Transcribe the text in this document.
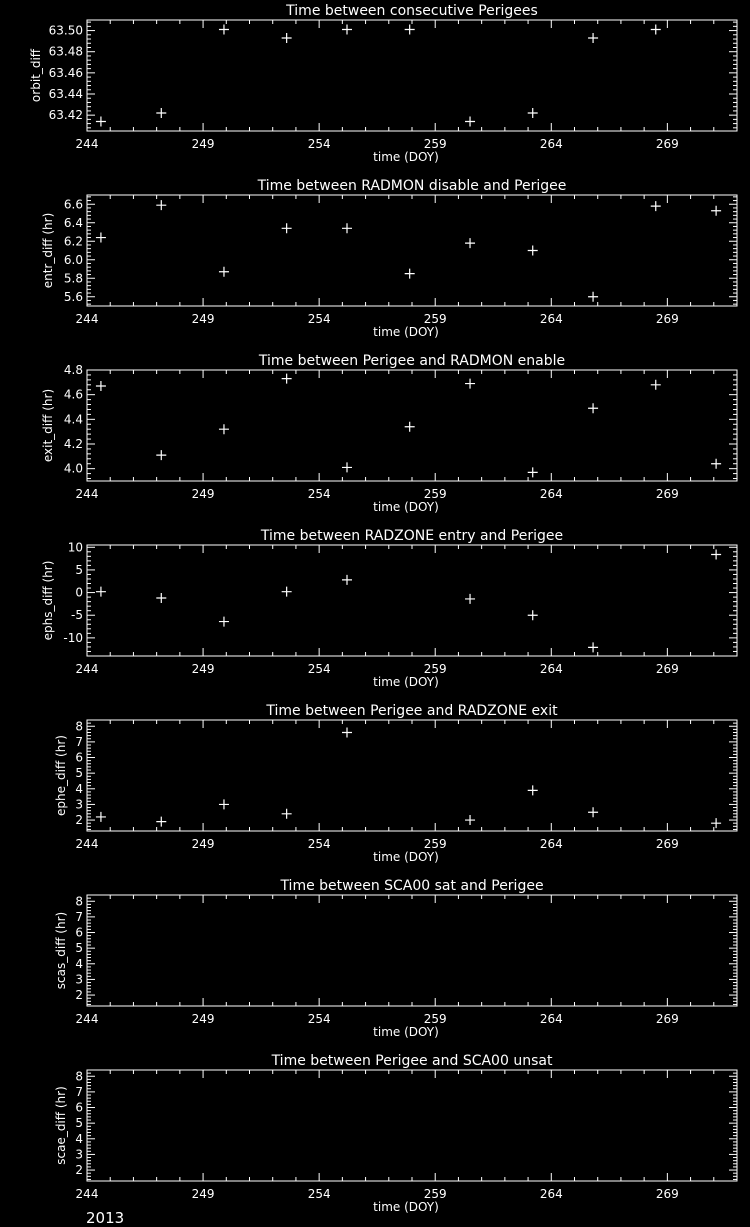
Time between consecutive Perigees
244	249	254	259	264	269
63.42
63.44
63.46
63.48
63.50
time (DOY)
orbit_diff
Time between RADMON disable and Perigee
244	249	254	259	264	269
5.6
5.8
6.0
6.2
6.4
6.6
time (DOY)
entr_diff (hr)
Time between Perigee and RADMON enable
244	249	254	259	264	269
4.0
4.2
4.4
4.6
4.8
time (DOY)
exit_diff (hr)
Time between RADZONE entry and Perigee
244	249	254	259	264	269
-10
-5
0
5
10
time (DOY)
ephs_diff (hr)
Time between Perigee and RADZONE exit
244	249	254	259	264	269
2
3
4
5
6
7
8
time (DOY)
ephe_diff (hr)
Time between SCA00 sat and Perigee
244	249	254	259	264	269
2
3
4
5
6
7
8
time (DOY)
scas_diff (hr)
Time between Perigee and SCA00 unsat
244	249	254	259	264	269
2
3
4
5
6
7
8
time (DOY)
scae_diff (hr)
2013
